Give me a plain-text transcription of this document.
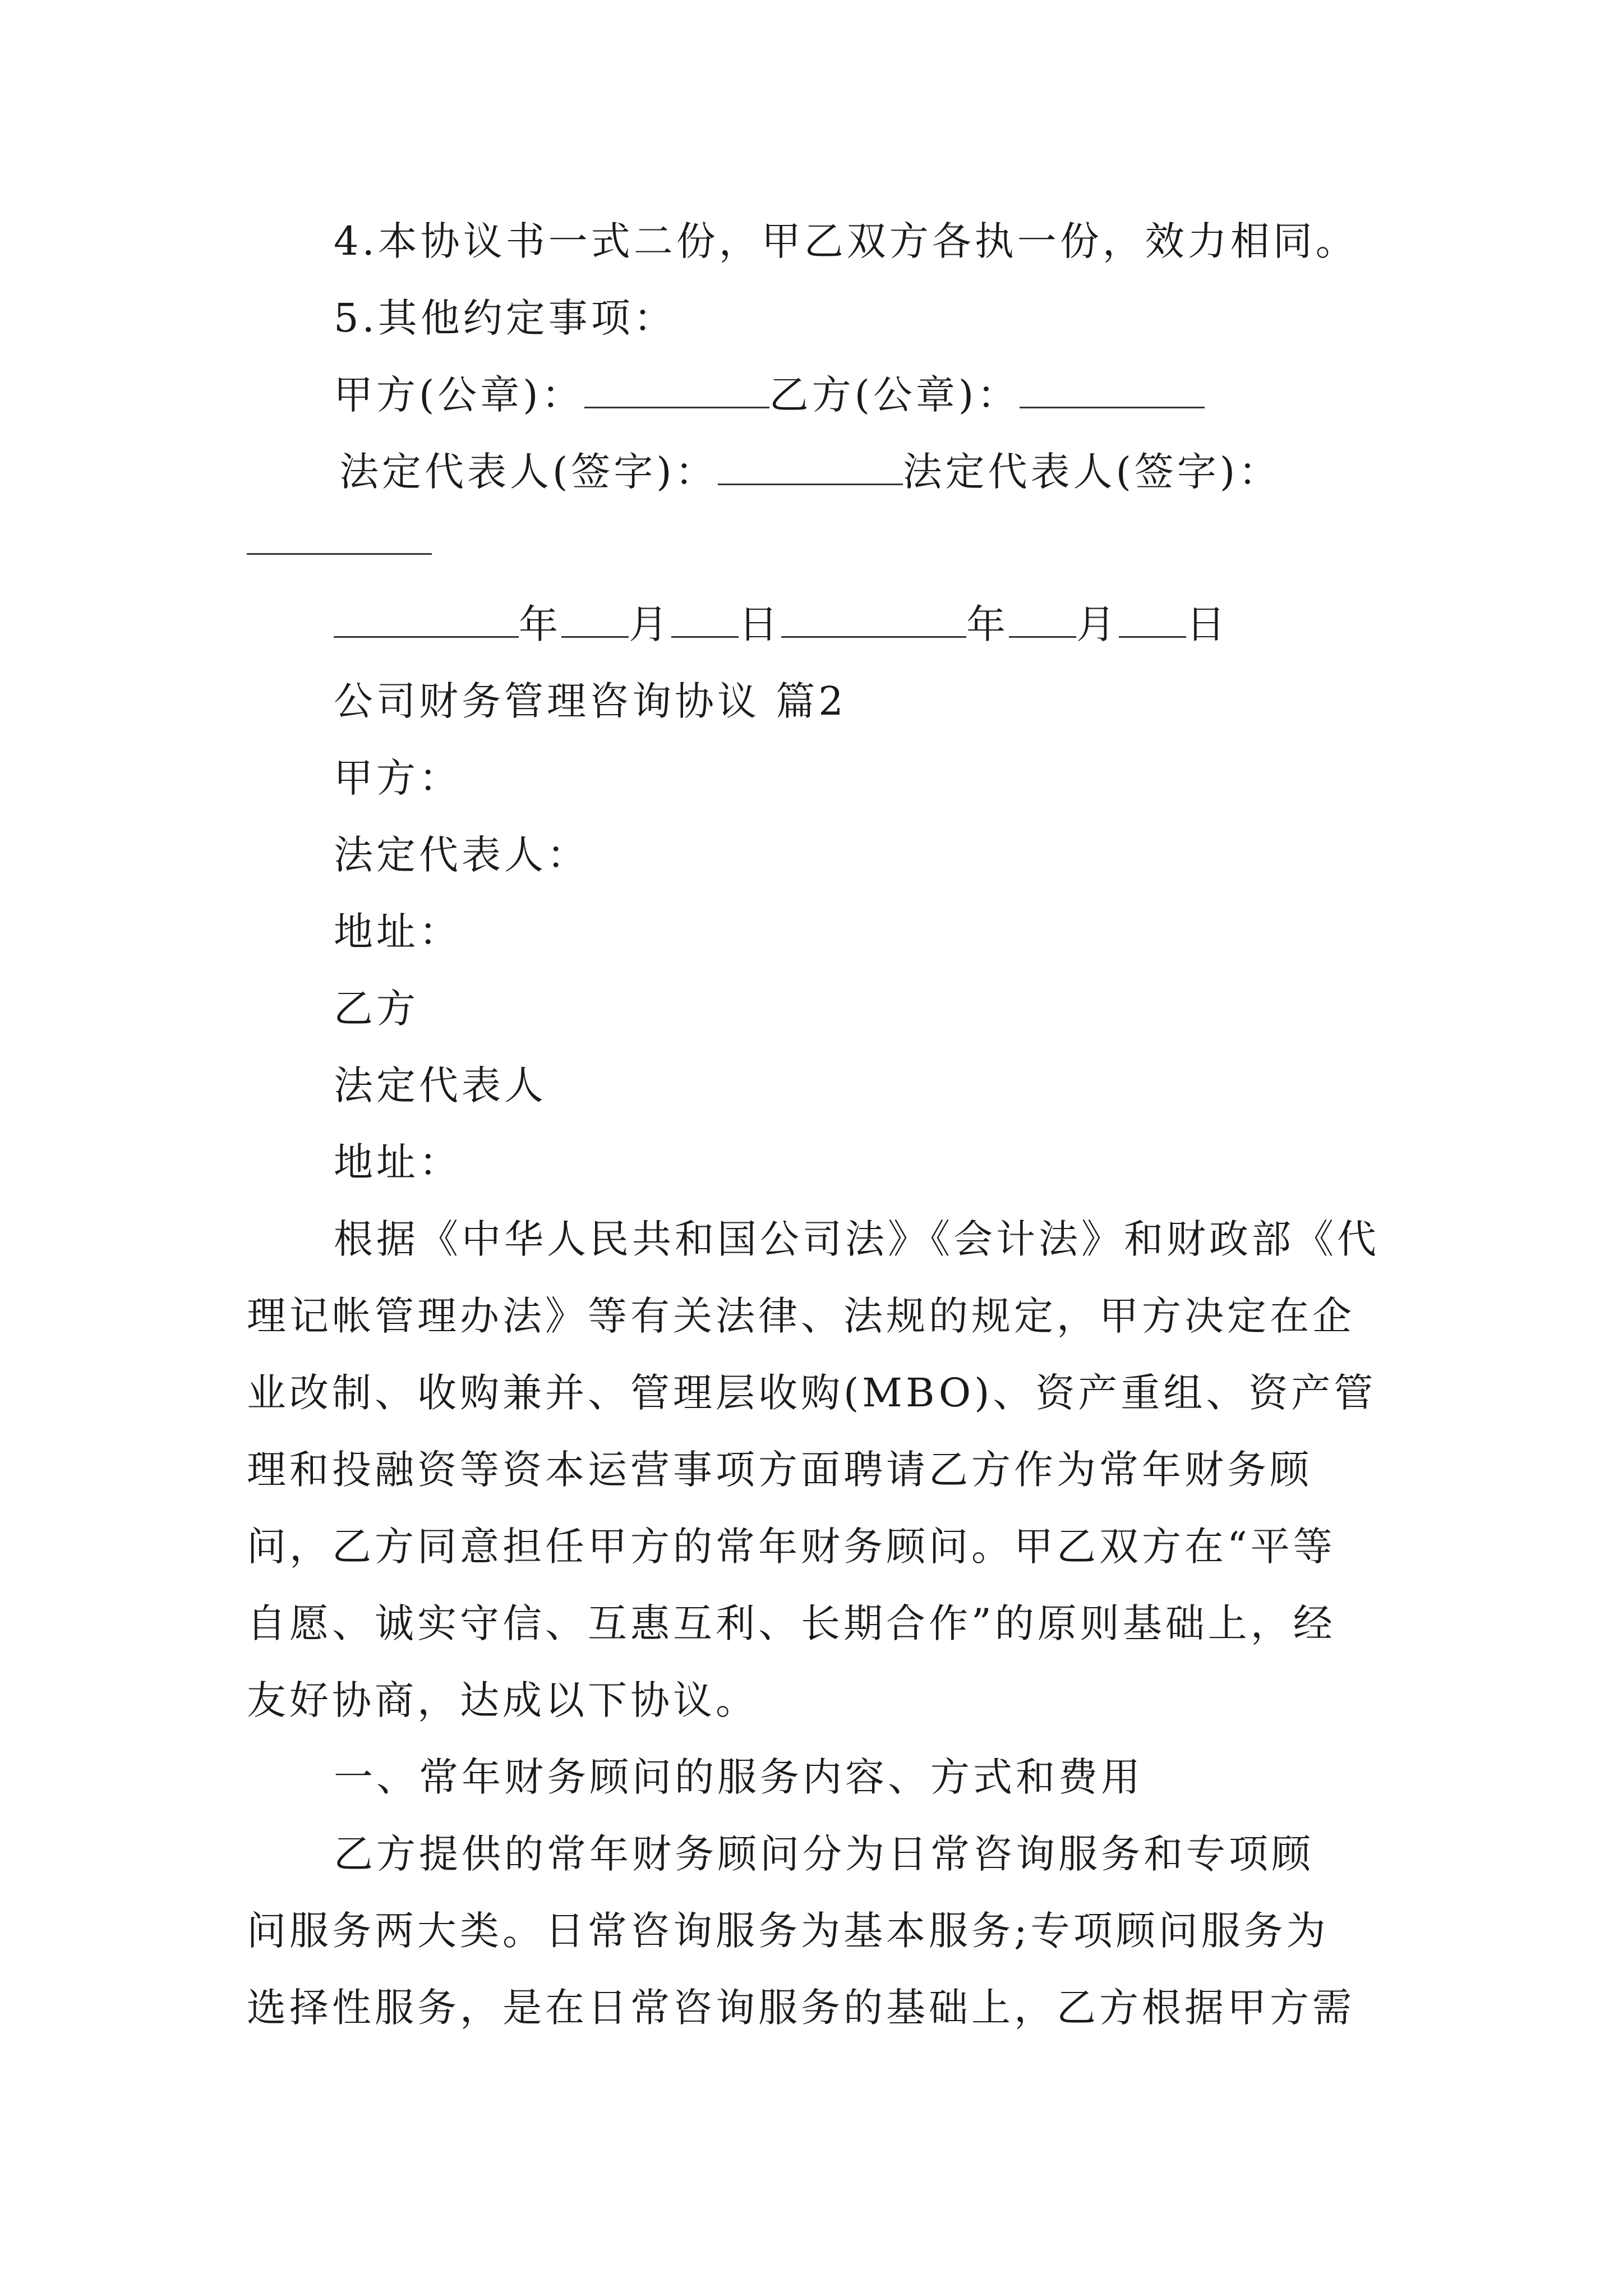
4.本协议书一式二份，甲乙双方各执一份，效力相同。
5.其他约定事项：
甲方(公章)：	乙方(公章)：
法定代表人(签字)：	法定代表人(签字)：
年 月 日	年 月 日
公司财务管理咨询协议 篇2
甲方：
法定代表人：
地址：
乙方
法定代表人
地址：
根据《中华人民共和国公司法》《会计法》和财政部《代
理记帐管理办法》等有关法律、法规的规定，甲方决定在企
业改制、收购兼并、管理层收购(MBO)、资产重组、资产管
理和投融资等资本运营事项方面聘请乙方作为常年财务顾
问，乙方同意担任甲方的常年财务顾问。甲乙双方在“平等
自愿、诚实守信、互惠互利、长期合作”的原则基础上，经
友好协商，达成以下协议。
一、常年财务顾问的服务内容、方式和费用
乙方提供的常年财务顾问分为日常咨询服务和专项顾
问服务两大类。日常咨询服务为基本服务;专项顾问服务为
选择性服务，是在日常咨询服务的基础上，乙方根据甲方需
